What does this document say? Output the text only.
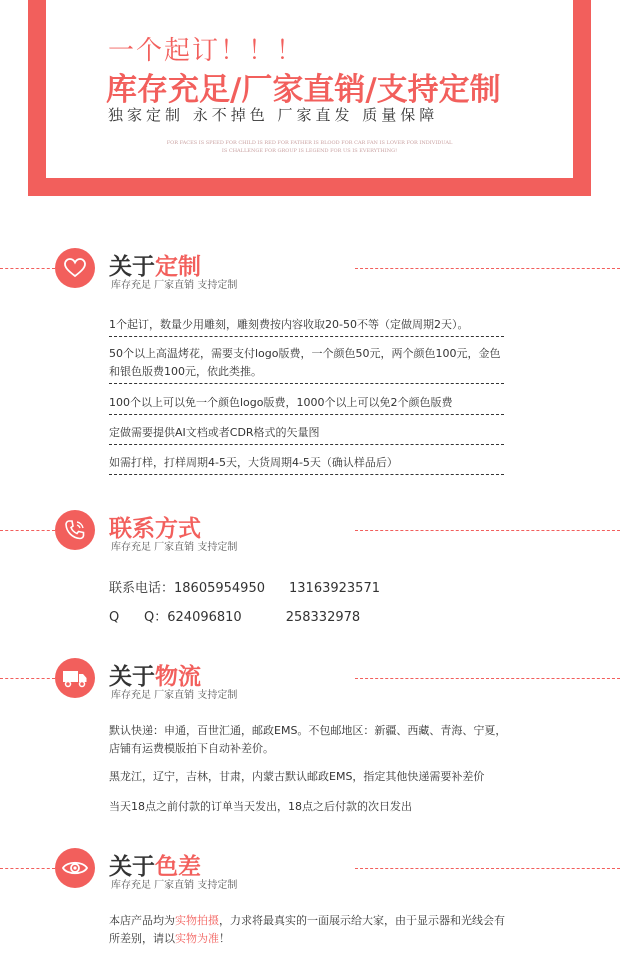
一个起订！！！
库存充足/厂家直销/支持定制
独家定制 永不掉色 厂家直发 质量保障
FOR FACES IS SPEED FOR CHILD IS RED FOR FATHER IS BLOOD FOR CAR FAN IS LOVER FOR INDIVIDUAL
IS CHALLENGE FOR GROUP IS LEGEND FOR US IS EVERYTHING!
关于定制
库存充足 厂家直销 支持定制
1个起订，数量少用雕刻，雕刻费按内容收取20-50不等（定做周期2天）。
50个以上高温烤花，需要支付logo版费，一个颜色50元，两个颜色100元，金色和银色版费100元，依此类推。
100个以上可以免一个颜色logo版费，1000个以上可以免2个颜色版费
定做需要提供AI文档或者CDR格式的矢量图
如需打样，打样周期4-5天，大货周期4-5天（确认样品后）
联系方式
库存充足 厂家直销 支持定制
联系电话：18605954950 13163923571
Q      Q：624096810	258332978
关于物流
库存充足 厂家直销 支持定制
默认快递：申通，百世汇通，邮政EMS。不包邮地区：新疆、西藏、青海、宁夏，店铺有运费模版拍下自动补差价。
黑龙江，辽宁，吉林，甘肃，内蒙古默认邮政EMS，指定其他快递需要补差价
当天18点之前付款的订单当天发出，18点之后付款的次日发出
关于色差
库存充足 厂家直销 支持定制
本店产品均为实物拍摄，力求将最真实的一面展示给大家，由于显示器和光线会有所差别，请以实物为准！
